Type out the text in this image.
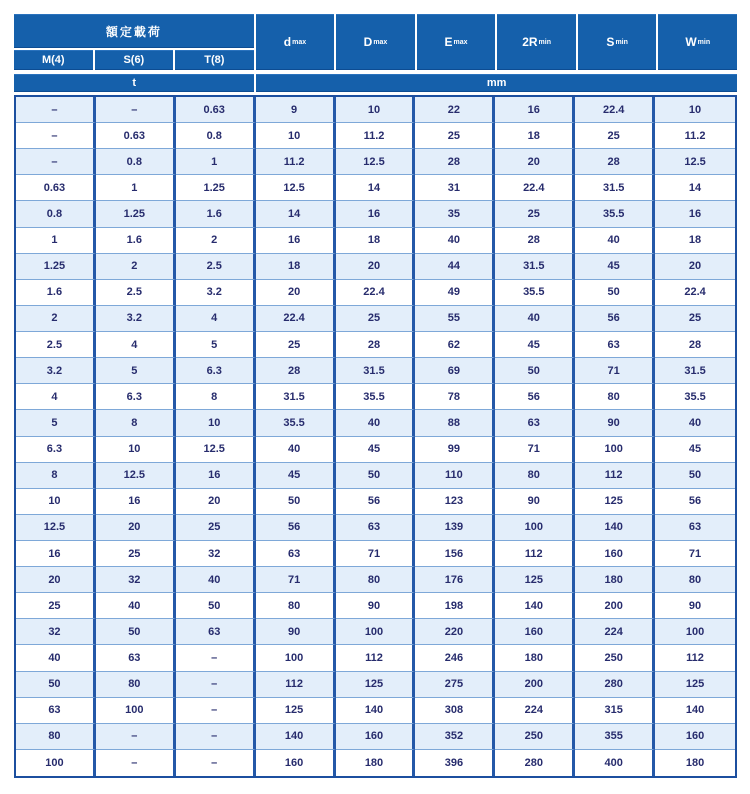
額定載荷
d max	D max	E max	2R min	S min	W min
M(4)	S(6)	T(8)
t	mm
–	–	0.63	9	10	22	16	22.4	10
–	0.63	0.8	10	11.2	25	18	25	11.2
–	0.8	1	11.2	12.5	28	20	28	12.5
0.63	1	1.25	12.5	14	31	22.4	31.5	14
0.8	1.25	1.6	14	16	35	25	35.5	16
1	1.6	2	16	18	40	28	40	18
1.25	2	2.5	18	20	44	31.5	45	20
1.6	2.5	3.2	20	22.4	49	35.5	50	22.4
2	3.2	4	22.4	25	55	40	56	25
2.5	4	5	25	28	62	45	63	28
3.2	5	6.3	28	31.5	69	50	71	31.5
4	6.3	8	31.5	35.5	78	56	80	35.5
5	8	10	35.5	40	88	63	90	40
6.3	10	12.5	40	45	99	71	100	45
8	12.5	16	45	50	110	80	112	50
10	16	20	50	56	123	90	125	56
12.5	20	25	56	63	139	100	140	63
16	25	32	63	71	156	112	160	71
20	32	40	71	80	176	125	180	80
25	40	50	80	90	198	140	200	90
32	50	63	90	100	220	160	224	100
40	63	–	100	112	246	180	250	112
50	80	–	112	125	275	200	280	125
63	100	–	125	140	308	224	315	140
80	–	–	140	160	352	250	355	160
100	–	–	160	180	396	280	400	180
